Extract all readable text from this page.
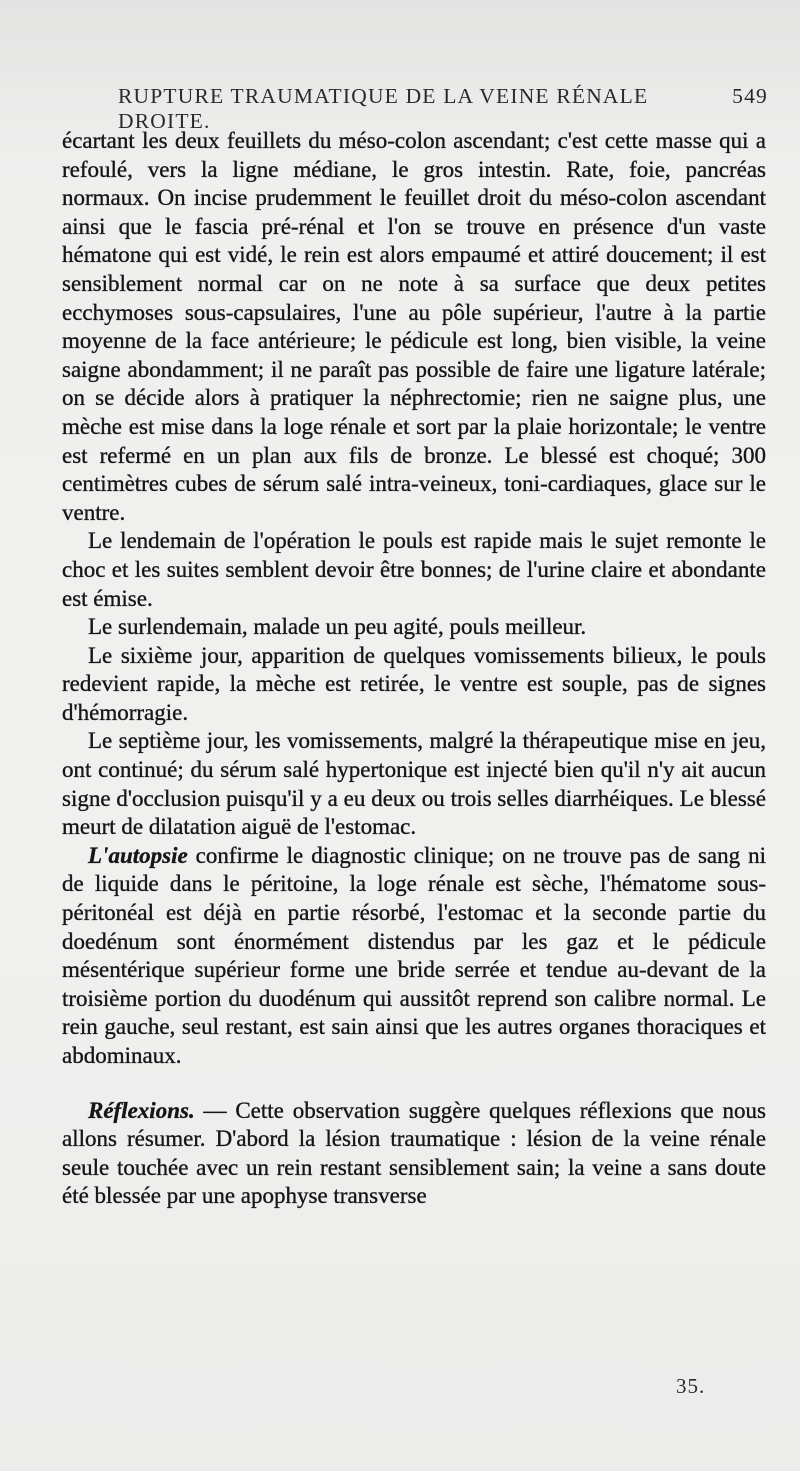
RUPTURE TRAUMATIQUE DE LA VEINE RÉNALE DROITE.
549

écartant les deux feuillets du méso-colon ascendant; c'est cette masse qui a refoulé, vers la ligne médiane, le gros intestin. Rate, foie, pancréas normaux. On incise prudemment le feuillet droit du méso-colon ascendant ainsi que le fascia pré-rénal et l'on se trouve en présence d'un vaste hématone qui est vidé, le rein est alors empaumé et attiré doucement; il est sensiblement normal car on ne note à sa surface que deux petites ecchymoses sous-capsulaires, l'une au pôle supérieur, l'autre à la partie moyenne de la face antérieure; le pédicule est long, bien visible, la veine saigne abondamment; il ne paraît pas possible de faire une ligature latérale; on se décide alors à pratiquer la néphrectomie; rien ne saigne plus, une mèche est mise dans la loge rénale et sort par la plaie horizontale; le ventre est refermé en un plan aux fils de bronze. Le blessé est choqué; 300 centimètres cubes de sérum salé intra-veineux, toni-cardiaques, glace sur le ventre.

Le lendemain de l'opération le pouls est rapide mais le sujet remonte le choc et les suites semblent devoir être bonnes; de l'urine claire et abondante est émise.

Le surlendemain, malade un peu agité, pouls meilleur.

Le sixième jour, apparition de quelques vomissements bilieux, le pouls redevient rapide, la mèche est retirée, le ventre est souple, pas de signes d'hémorragie.

Le septième jour, les vomissements, malgré la thérapeutique mise en jeu, ont continué; du sérum salé hypertonique est injecté bien qu'il n'y ait aucun signe d'occlusion puisqu'il y a eu deux ou trois selles diarrhéiques. Le blessé meurt de dilatation aiguë de l'estomac.

L'autopsie confirme le diagnostic clinique; on ne trouve pas de sang ni de liquide dans le péritoine, la loge rénale est sèche, l'hématome sous-péritonéal est déjà en partie résorbé, l'estomac et la seconde partie du doedénum sont énormément distendus par les gaz et le pédicule mésentérique supérieur forme une bride serrée et tendue au-devant de la troisième portion du duodénum qui aussitôt reprend son calibre normal. Le rein gauche, seul restant, est sain ainsi que les autres organes thoraciques et abdominaux.

Réflexions. — Cette observation suggère quelques réflexions que nous allons résumer. D'abord la lésion traumatique : lésion de la veine rénale seule touchée avec un rein restant sensiblement sain; la veine a sans doute été blessée par une apophyse transverse

35.
